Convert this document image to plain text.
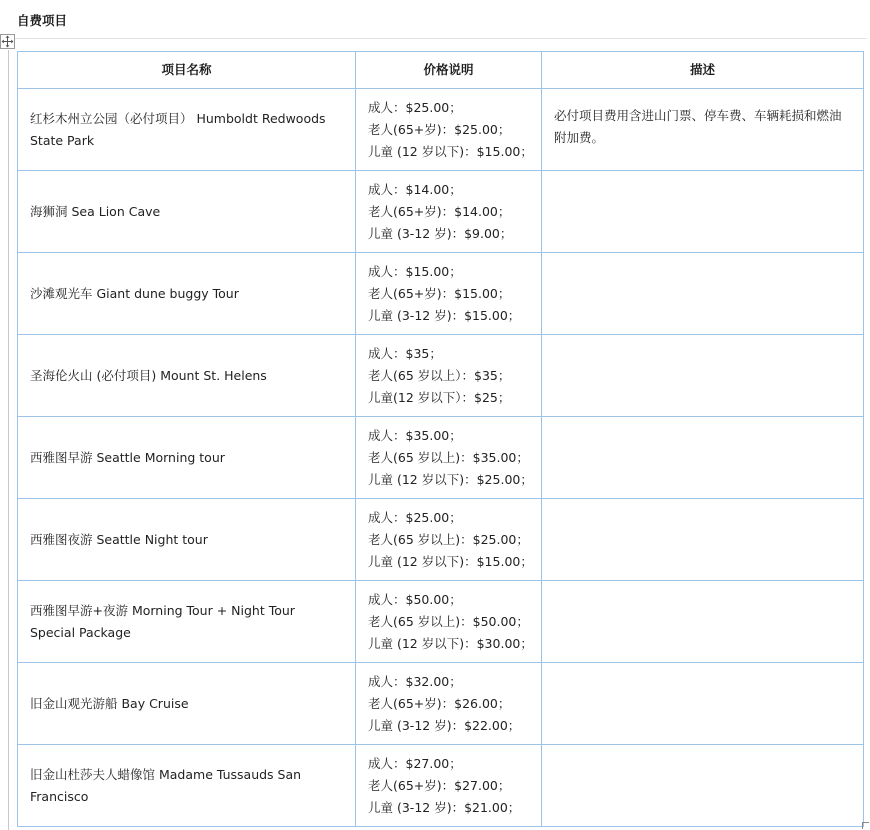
自费项目
项目名称	价格说明	描述
红杉木州立公园（必付项目） Humboldt Redwoods State Park	成人：$25.00；
老人(65+岁)：$25.00；
儿童 (12 岁以下)：$15.00；	必付项目费用含进山门票、停车费、车辆耗损和燃油附加费。
海狮洞 Sea Lion Cave	成人：$14.00；
老人(65+岁)：$14.00；
儿童 (3-12 岁)：$9.00；	

沙滩观光车 Giant dune buggy Tour	成人：$15.00；
老人(65+岁)：$15.00；
儿童 (3-12 岁)：$15.00；	

圣海伦火山 (必付项目) Mount St. Helens	成人：$35；
老人(65 岁以上）：$35；
儿童(12 岁以下）：$25；	

西雅图早游 Seattle Morning tour	成人：$35.00；
老人(65 岁以上)：$35.00；
儿童 (12 岁以下)：$25.00；	

西雅图夜游 Seattle Night tour	成人：$25.00；
老人(65 岁以上)：$25.00；
儿童 (12 岁以下)：$15.00；	

西雅图早游+夜游 Morning Tour + Night Tour Special Package	成人：$50.00；
老人(65 岁以上)：$50.00；
儿童 (12 岁以下)：$30.00；	

旧金山观光游船 Bay Cruise	成人：$32.00；
老人(65+岁)：$26.00；
儿童 (3-12 岁)：$22.00；	

旧金山杜莎夫人蜡像馆 Madame Tussauds San Francisco	成人：$27.00；
老人(65+岁)：$27.00；
儿童 (3-12 岁)：$21.00；	
